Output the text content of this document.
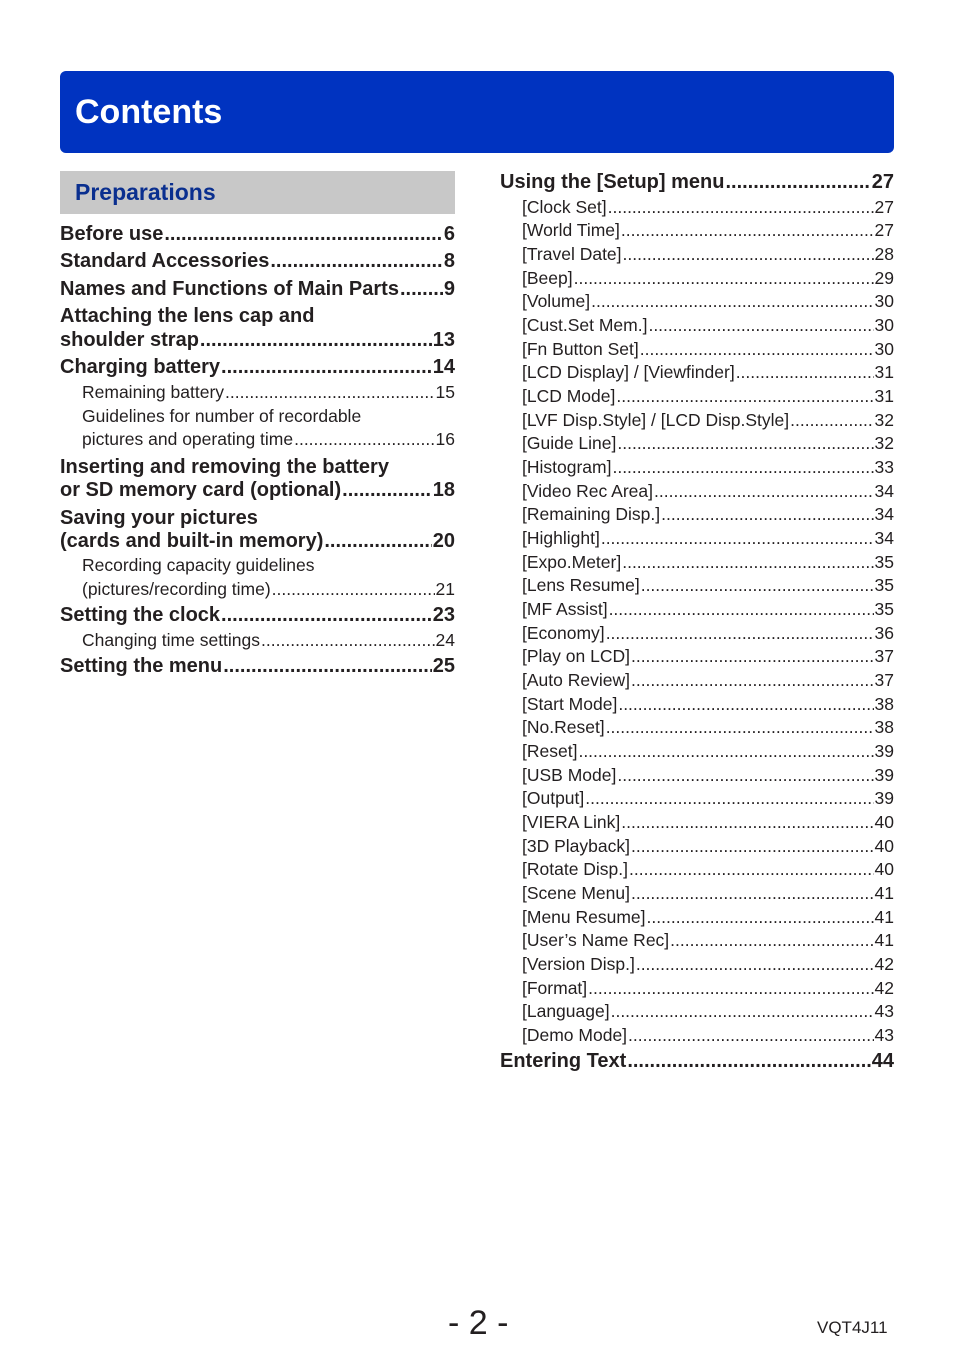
Contents
Preparations
Before use .....	6
Standard Accessories .....	8
Names and Functions of Main Parts ..... 9
Attaching the lens cap and
shoulder strap .....	13
Charging battery .....	14
Remaining battery .....	15
Guidelines for number of recordable
pictures and operating time .....	16
Inserting and removing the battery
or SD memory card (optional) .....	18
Saving your pictures
(cards and built-in memory) .....	20
Recording capacity guidelines
(pictures/recording time) .....	21
Setting the clock .....	23
Changing time settings .....	24
Setting the menu .....	25
Using the [Setup] menu .....	27
[Clock Set] .....	27
[World Time] .....	27
[Travel Date] .....	28
[Beep] .....	29
[Volume] .....	30
[Cust.Set Mem.] .....	30
[Fn Button Set] .....	30
[LCD Display] / [Viewfinder] .....	31
[LCD Mode] .....	31
[LVF Disp.Style] / [LCD Disp.Style] .....	32
[Guide Line] .....	32
[Histogram] .....	33
[Video Rec Area] .....	34
[Remaining Disp.] .....	34
[Highlight] .....	34
[Expo.Meter] .....	35
[Lens Resume] .....	35
[MF Assist] .....	35
[Economy] .....	36
[Play on LCD] .....	37
[Auto Review] .....	37
[Start Mode] .....	38
[No.Reset] .....	38
[Reset] .....	39
[USB Mode] .....	39
[Output] .....	39
[VIERA Link] .....	40
[3D Playback] .....	40
[Rotate Disp.] .....	40
[Scene Menu] .....	41
[Menu Resume] .....	41
[User’s Name Rec] .....	41
[Version Disp.] .....	42
[Format] .....	42
[Language] .....	43
[Demo Mode] .....	43
Entering Text .....	44
- 2 -	VQT4J11
